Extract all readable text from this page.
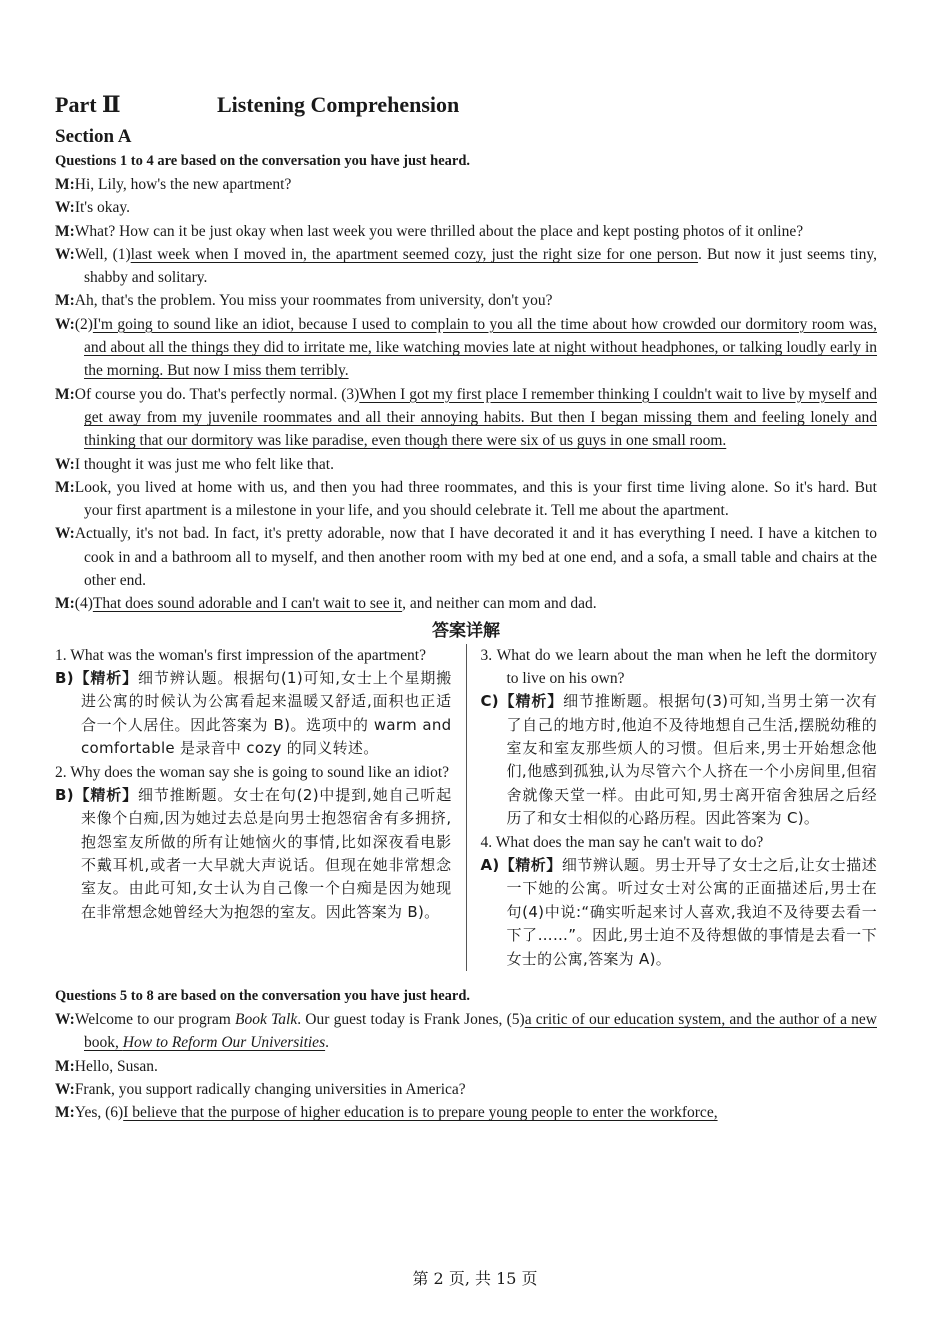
Part Ⅱ	Listening Comprehension
Section A

Questions 1 to 4 are based on the conversation you have just heard.

M:Hi, Lily, how's the new apartment?

W:It's okay.

M:What? How can it be just okay when last week you were thrilled about the place and kept posting photos of it online?

W:Well, (1)last week when I moved in, the apartment seemed cozy, just the right size for one person. But now it just seems tiny, shabby and solitary.

M:Ah, that's the problem. You miss your roommates from university, don't you?

W:(2)I'm going to sound like an idiot, because I used to complain to you all the time about how crowded our dormitory room was, and about all the things they did to irritate me, like watching movies late at night without headphones, or talking loudly early in the morning. But now I miss them terribly.

M:Of course you do. That's perfectly normal. (3)When I got my first place I remember thinking I couldn't wait to live by myself and get away from my juvenile roommates and all their annoying habits. But then I began missing them and feeling lonely and thinking that our dormitory was like paradise, even though there were six of us guys in one small room.

W:I thought it was just me who felt like that.

M:Look, you lived at home with us, and then you had three roommates, and this is your first time living alone. So it's hard. But your first apartment is a milestone in your life, and you should celebrate it. Tell me about the apartment.

W:Actually, it's not bad. In fact, it's pretty adorable, now that I have decorated it and it has everything I need. I have a kitchen to cook in and a bathroom all to myself, and then another room with my bed at one end, and a sofa, a small table and chairs at the other end.

M:(4)That does sound adorable and I can't wait to see it, and neither can mom and dad.

答案详解

1. What was the woman's first impression of the apartment?

B)【精析】细节辨认题。根据句(1)可知,女士上个星期搬进公寓的时候认为公寓看起来温暖又舒适,面积也正适合一个人居住。因此答案为 B)。选项中的 warm and comfortable 是录音中 cozy 的同义转述。

2. Why does the woman say she is going to sound like an idiot?

B)【精析】细节推断题。女士在句(2)中提到,她自己听起来像个白痴,因为她过去总是向男士抱怨宿舍有多拥挤,抱怨室友所做的所有让她恼火的事情,比如深夜看电影不戴耳机,或者一大早就大声说话。但现在她非常想念室友。由此可知,女士认为自己像一个白痴是因为她现在非常想念她曾经大为抱怨的室友。因此答案为 B)。

3. What do we learn about the man when he left the dormitory to live on his own?

C)【精析】细节推断题。根据句(3)可知,当男士第一次有了自己的地方时,他迫不及待地想自己生活,摆脱幼稚的室友和室友那些烦人的习惯。但后来,男士开始想念他们,他感到孤独,认为尽管六个人挤在一个小房间里,但宿舍就像天堂一样。由此可知,男士离开宿舍独居之后经历了和女士相似的心路历程。因此答案为 C)。

4. What does the man say he can't wait to do?

A)【精析】细节辨认题。男士开导了女士之后,让女士描述一下她的公寓。听过女士对公寓的正面描述后,男士在句(4)中说:“确实听起来讨人喜欢,我迫不及待要去看一下了……”。因此,男士迫不及待想做的事情是去看一下女士的公寓,答案为 A)。

Questions 5 to 8 are based on the conversation you have just heard.

W:Welcome to our program Book Talk. Our guest today is Frank Jones, (5)a critic of our education system, and the author of a new book, How to Reform Our Universities.

M:Hello, Susan.

W:Frank, you support radically changing universities in America?

M:Yes, (6)I believe that the purpose of higher education is to prepare young people to enter the workforce,

第 2 页, 共 15 页
